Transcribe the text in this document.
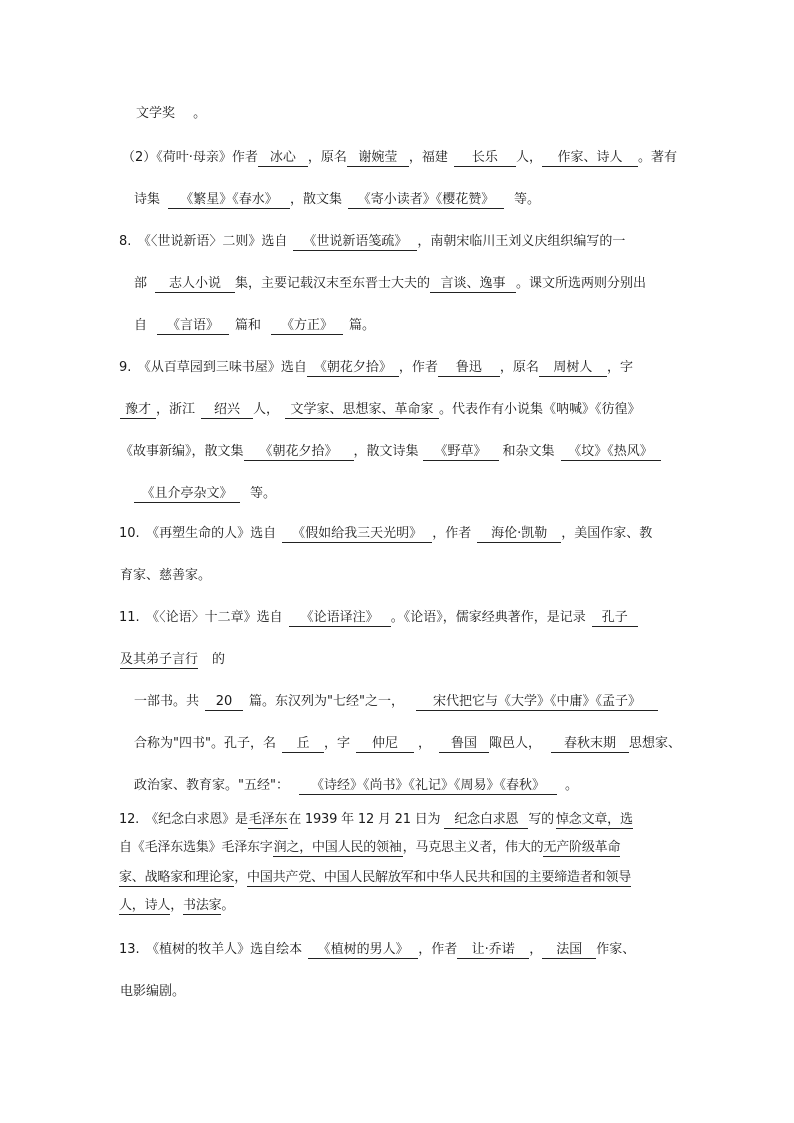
文学奖 。
（2）《荷叶·母亲》作者 冰心 ，原名 谢婉莹 ，福建 长乐 人， 作家、诗人 。著有
诗集 《繁星》《春水》 ，散文集 《寄小读者》《樱花赞》 等。
8.　《〈世说新语〉二则》选自 《世说新语笺疏》 ，南朝宋临川王刘义庆组织编写的一
部 志人小说 集，主要记载汉末至东晋士大夫的 言谈、逸事 。课文所选两则分别出
自 《言语》 篇和 《方正》 篇。
9.　《从百草园到三味书屋》选自 《朝花夕拾》 ，作者 鲁迅 ，原名 周树人 ，字
豫才 ，浙江 绍兴 人， 文学家、思想家、革命家 。代表作有小说集《呐喊》《彷徨》
《故事新编》，散文集 《朝花夕拾》 ，散文诗集 《野草》 和杂文集 《坟》《热风》
《且介亭杂文》 等。
10.　《再塑生命的人》选自 《假如给我三天光明》 ，作者 海伦·凯勒 ，美国作家、教
育家、慈善家。
11.　《〈论语〉十二章》选自 《论语译注》 。《论语》，儒家经典著作，是记录 孔子
及其弟子言行 的
一部书。共 20 篇。东汉列为"七经"之一， 宋代把它与《大学》《中庸》《孟子》
合称为"四书"。孔子，名 丘 ，字 仲尼 ， 鲁国 陬邑人， 春秋末期 思想家、
政治家、教育家。"五经"： 《诗经》《尚书》《礼记》《周易》《春秋》 。
12.　《纪念白求恩》是毛泽东在 1939 年 12 月 21 日为 纪念白求恩 写的 悼念文章，选
自《毛泽东选集》毛泽东字润之，中国人民的领袖，马克思主义者，伟大的无产阶级革命
家、战略家和理论家，中国共产党、中国人民解放军和中华人民共和国的主要缔造者和领导
人，诗人，书法家。
13.　《植树的牧羊人》选自绘本 《植树的男人》 ，作者 让·乔诺 ， 法国 作家、
电影编剧。
